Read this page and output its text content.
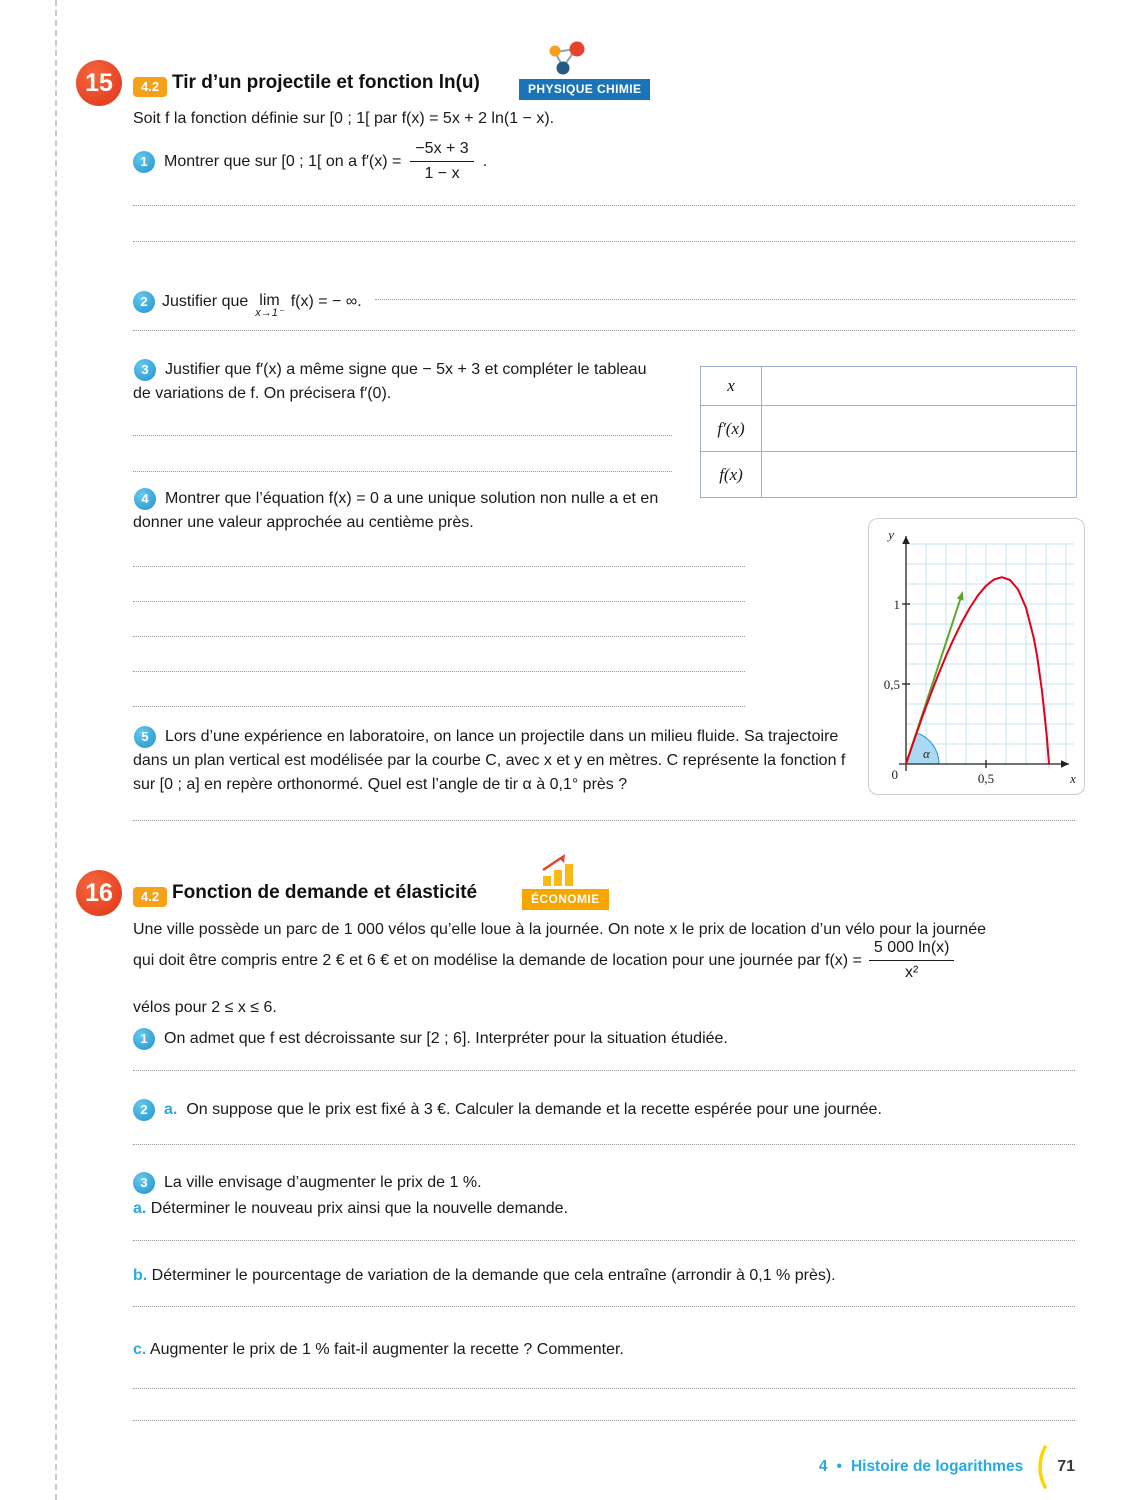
15	4.2 Tir d’un projectile et fonction ln(u)	PHYSIQUE CHIMIE

Soit f la fonction définie sur [0 ; 1[ par f(x) = 5x + 2 ln(1 − x).

1	Montrer que sur [0 ; 1[ on a $f'(x) = \frac{-5x + 3}{1 - x}$ .
2 Justifier que lim
x→1⁻
f(x) = − ∞.

3	Justifier que f′(x) a même signe que − 5x + 3 et compléter le tableau de variations de f. On précisera f′(0).	x	
f′(x)	
f(x)	

4	Montrer que l’équation f(x) = 0 a une unique solution non nulle a et en donner une valeur approchée au centième près.

y
1
0,5
0	0,5	x
α

5	Lors d’une expérience en laboratoire, on lance un projectile dans un milieu fluide. Sa trajectoire dans un plan vertical est modélisée par la courbe C, avec x et y en mètres. C représente la fonction f sur [0 ; a] en repère orthonormé. Quel est l’angle de tir α à 0,1° près ?

16	4.2 Fonction de demande et élasticité	ÉCONOMIE

Une ville possède un parc de 1 000 vélos qu’elle loue à la journée. On note x le prix de location d’un vélo pour la journée

qui doit être compris entre 2 € et 6 € et on modélise la demande de location pour une journée par $f(x) = \frac{5 000 \ln(x)}{\text{x²}}$

vélos pour 2 ≤ x ≤ 6.

1	On admet que f est décroissante sur [2 ; 6]. Interpréter pour la situation étudiée.
2	a. On suppose que le prix est fixé à 3 €. Calculer la demande et la recette espérée pour une journée.
3	La ville envisage d’augmenter le prix de 1 %.

a. Déterminer le nouveau prix ainsi que la nouvelle demande.

b. Déterminer le pourcentage de variation de la demande que cela entraîne (arrondir à 0,1 % près).

c. Augmenter le prix de 1 % fait-il augmenter la recette ? Commenter.

4 • Histoire de logarithmes 71
